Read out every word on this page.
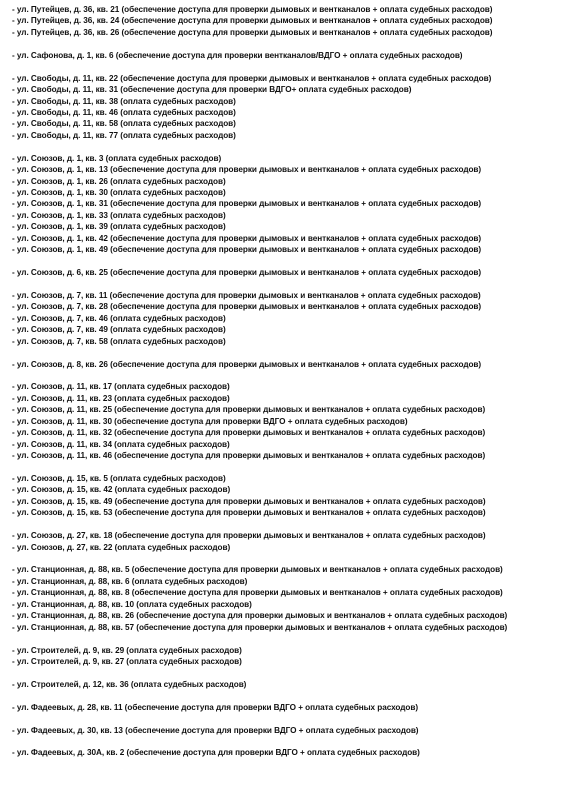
- ул. Путейцев, д. 36, кв. 21 (обеспечение доступа для проверки дымовых и вентканалов + оплата судебных расходов)
- ул. Путейцев, д. 36, кв. 24 (обеспечение доступа для проверки дымовых и вентканалов + оплата судебных расходов)
- ул. Путейцев, д. 36, кв. 26 (обеспечение доступа для проверки дымовых и вентканалов + оплата судебных расходов)
- ул. Сафонова, д. 1, кв. 6 (обеспечение доступа для проверки вентканалов/ВДГО + оплата судебных расходов)
- ул. Свободы, д. 11, кв. 22 (обеспечение доступа для проверки дымовых и вентканалов + оплата судебных расходов)
- ул. Свободы, д. 11, кв. 31 (обеспечение доступа для проверки ВДГО+ оплата судебных расходов)
- ул. Свободы, д. 11, кв. 38 (оплата судебных расходов)
- ул. Свободы, д. 11, кв. 46 (оплата судебных расходов)
- ул. Свободы, д. 11, кв. 58 (оплата судебных расходов)
- ул. Свободы, д. 11, кв. 77 (оплата судебных расходов)
- ул. Союзов, д. 1, кв. 3 (оплата судебных расходов)
- ул. Союзов, д. 1, кв. 13 (обеспечение доступа для проверки дымовых и вентканалов + оплата судебных расходов)
- ул. Союзов, д. 1, кв. 26 (оплата судебных расходов)
- ул. Союзов, д. 1, кв. 30 (оплата судебных расходов)
- ул. Союзов, д. 1, кв. 31 (обеспечение доступа для проверки дымовых и вентканалов + оплата судебных расходов)
- ул. Союзов, д. 1, кв. 33 (оплата судебных расходов)
- ул. Союзов, д. 1, кв. 39 (оплата судебных расходов)
- ул. Союзов, д. 1, кв. 42 (обеспечение доступа для проверки дымовых и вентканалов + оплата судебных расходов)
- ул. Союзов, д. 1, кв. 49 (обеспечение доступа для проверки дымовых и вентканалов + оплата судебных расходов)
- ул. Союзов, д. 6, кв. 25 (обеспечение доступа для проверки дымовых и вентканалов + оплата судебных расходов)
- ул. Союзов, д. 7, кв. 11 (обеспечение доступа для проверки дымовых и вентканалов + оплата судебных расходов)
- ул. Союзов, д. 7, кв. 28 (обеспечение доступа для проверки дымовых и вентканалов + оплата судебных расходов)
- ул. Союзов, д. 7, кв. 46 (оплата судебных расходов)
- ул. Союзов, д. 7, кв. 49 (оплата судебных расходов)
- ул. Союзов, д. 7, кв. 58 (оплата судебных расходов)
- ул. Союзов, д. 8, кв. 26 (обеспечение доступа для проверки дымовых и вентканалов + оплата судебных расходов)
- ул. Союзов, д. 11, кв. 17 (оплата судебных расходов)
- ул. Союзов, д. 11, кв. 23 (оплата судебных расходов)
- ул. Союзов, д. 11, кв. 25 (обеспечение доступа для проверки дымовых и вентканалов + оплата судебных расходов)
- ул. Союзов, д. 11, кв. 30 (обеспечение доступа для проверки ВДГО + оплата судебных расходов)
- ул. Союзов, д. 11, кв. 32 (обеспечение доступа для проверки дымовых и вентканалов + оплата судебных расходов)
- ул. Союзов, д. 11, кв. 34 (оплата судебных расходов)
- ул. Союзов, д. 11, кв. 46 (обеспечение доступа для проверки дымовых и вентканалов + оплата судебных расходов)
- ул. Союзов, д. 15, кв. 5 (оплата судебных расходов)
- ул. Союзов, д. 15, кв. 42 (оплата судебных расходов)
- ул. Союзов, д. 15, кв. 49 (обеспечение доступа для проверки дымовых и вентканалов + оплата судебных расходов)
- ул. Союзов, д. 15, кв. 53 (обеспечение доступа для проверки дымовых и вентканалов + оплата судебных расходов)
- ул. Союзов, д. 27, кв. 18 (обеспечение доступа для проверки дымовых и вентканалов + оплата судебных расходов)
- ул. Союзов, д. 27, кв. 22 (оплата судебных расходов)
- ул. Станционная, д. 88, кв. 5 (обеспечение доступа для проверки дымовых и вентканалов + оплата судебных расходов)
- ул. Станционная, д. 88, кв. 6 (оплата судебных расходов)
- ул. Станционная, д. 88, кв. 8 (обеспечение доступа для проверки дымовых и вентканалов + оплата судебных расходов)
- ул. Станционная, д. 88, кв. 10 (оплата судебных расходов)
- ул. Станционная, д. 88, кв. 26 (обеспечение доступа для проверки дымовых и вентканалов + оплата судебных расходов)
- ул. Станционная, д. 88, кв. 57 (обеспечение доступа для проверки дымовых и вентканалов + оплата судебных расходов)
- ул. Строителей, д. 9, кв. 29 (оплата судебных расходов)
- ул. Строителей, д. 9, кв. 27 (оплата судебных расходов)
- ул. Строителей, д. 12, кв. 36 (оплата судебных расходов)
- ул. Фадеевых, д. 28, кв. 11 (обеспечение доступа для проверки ВДГО + оплата судебных расходов)
- ул. Фадеевых, д. 30, кв. 13 (обеспечение доступа для проверки ВДГО + оплата судебных расходов)
- ул. Фадеевых, д. 30А, кв. 2 (обеспечение доступа для проверки ВДГО + оплата судебных расходов)
